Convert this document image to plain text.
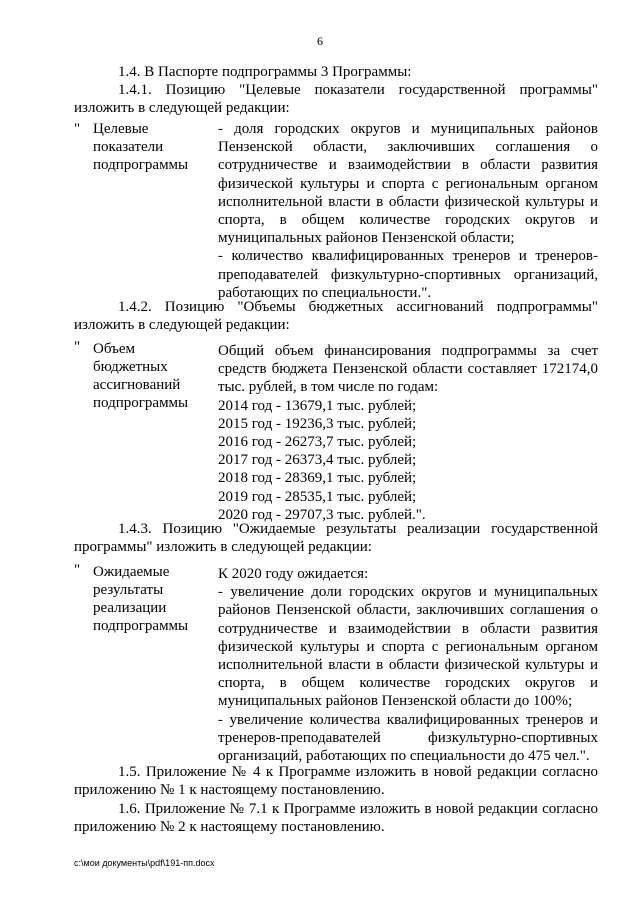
6
1.4. В Паспорте подпрограммы 3 Программы:
1.4.1. Позицию "Целевые показатели государственной программы" изложить в следующей редакции:
" Целевые
показатели
подпрограммы
- доля городских округов и муниципальных районов Пензенской области, заключивших соглашения о сотрудничестве и взаимодействии в области развития физической культуры и спорта с региональным органом исполнительной власти в области физической культуры и спорта, в общем количестве городских округов и муниципальных районов Пензенской области;
- количество квалифицированных тренеров и тренеров-преподавателей физкультурно-спортивных организаций, работающих по специальности.".
1.4.2. Позицию "Объемы бюджетных ассигнований подпрограммы" изложить в следующей редакции:
" Объем
бюджетных
ассигнований
подпрограммы
Общий объем финансирования подпрограммы за счет средств бюджета Пензенской области составляет 172174,0 тыс. рублей, в том числе по годам:
2014 год - 13679,1 тыс. рублей;
2015 год - 19236,3 тыс. рублей;
2016 год - 26273,7 тыс. рублей;
2017 год - 26373,4 тыс. рублей;
2018 год - 28369,1 тыс. рублей;
2019 год - 28535,1 тыс. рублей;
2020 год - 29707,3 тыс. рублей.".
1.4.3. Позицию "Ожидаемые результаты реализации государственной программы" изложить в следующей редакции:
" Ожидаемые
результаты
реализации
подпрограммы
К 2020 году ожидается:
- увеличение доли городских округов и муниципальных районов Пензенской области, заключивших соглашения о сотрудничестве и взаимодействии в области развития физической культуры и спорта с региональным органом исполнительной власти в области физической культуры и спорта, в общем количестве городских округов и муниципальных районов Пензенской области до 100%;
- увеличение количества квалифицированных тренеров и тренеров-преподавателей физкультурно-спортивных организаций, работающих по специальности до 475 чел.".
1.5. Приложение № 4 к Программе изложить в новой редакции согласно приложению № 1 к настоящему постановлению.
1.6. Приложение № 7.1 к Программе изложить в новой редакции согласно приложению № 2 к настоящему постановлению.
c:\мои документы\pdf\191-пп.docx
